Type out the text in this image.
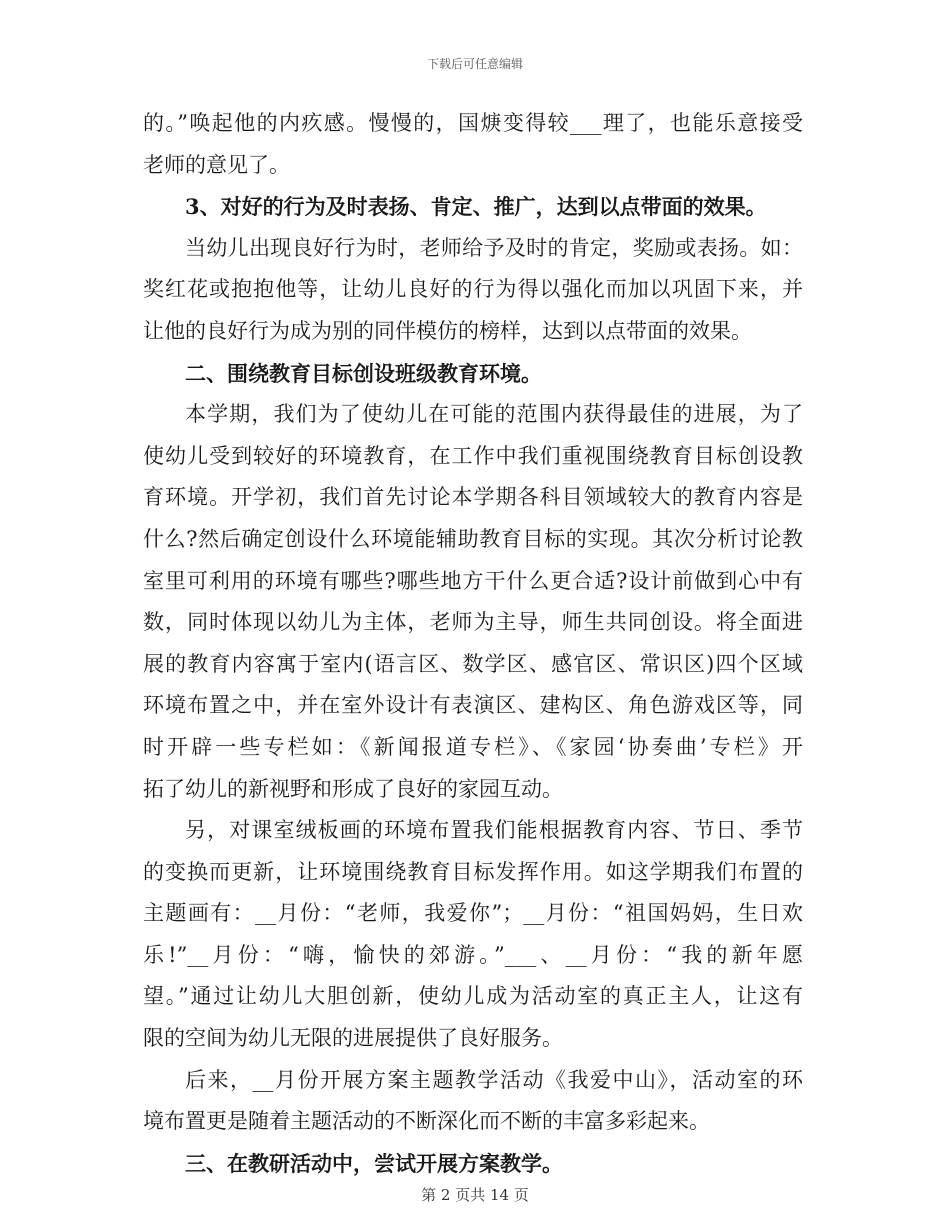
下载后可任意编辑
的。”唤起他的内疚感。慢慢的，国焿变得较___理了，也能乐意接受
老师的意见了。
3、对好的行为及时表扬、肯定、推广，达到以点带面的效果。
当幼儿出现良好行为时，老师给予及时的肯定，奖励或表扬。如：
奖红花或抱抱他等，让幼儿良好的行为得以强化而加以巩固下来，并
让他的良好行为成为别的同伴模仿的榜样，达到以点带面的效果。
二、围绕教育目标创设班级教育环境。
本学期，我们为了使幼儿在可能的范围内获得最佳的进展，为了
使幼儿受到较好的环境教育，在工作中我们重视围绕教育目标创设教
育环境。开学初，我们首先讨论本学期各科目领域较大的教育内容是
什么?然后确定创设什么环境能辅助教育目标的实现。其次分析讨论教
室里可利用的环境有哪些?哪些地方干什么更合适?设计前做到心中有
数，同时体现以幼儿为主体，老师为主导，师生共同创设。将全面进
展的教育内容寓于室内(语言区、数学区、感官区、常识区)四个区域
环境布置之中，并在室外设计有表演区、建构区、角色游戏区等，同
时开辟一些专栏如：《新闻报道专栏》、《家园‘协奏曲’专栏》开
拓了幼儿的新视野和形成了良好的家园互动。
另，对课室绒板画的环境布置我们能根据教育内容、节日、季节
的变换而更新，让环境围绕教育目标发挥作用。如这学期我们布置的
主题画有：__月份：“老师，我爱你”；__月份：“祖国妈妈，生日欢
乐!”__月份：“嗨，愉快的郊游。”___、__月份：“我的新年愿
望。”通过让幼儿大胆创新，使幼儿成为活动室的真正主人，让这有
限的空间为幼儿无限的进展提供了良好服务。
后来，__月份开展方案主题教学活动《我爱中山》，活动室的环
境布置更是随着主题活动的不断深化而不断的丰富多彩起来。
三、在教研活动中，尝试开展方案教学。
第 2 页共 14 页
